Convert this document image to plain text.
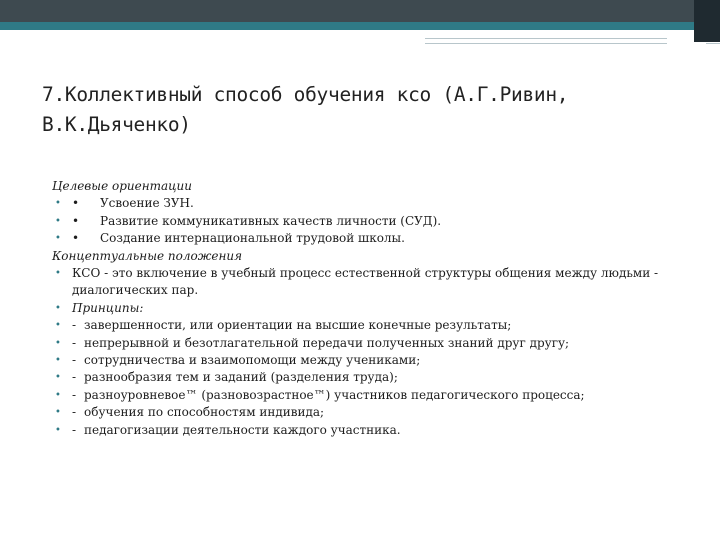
7.Коллективный способ обучения ксо (А.Г.Ривин, В.К.Дьяченко)

Целевые ориентации

• • Усвоение ЗУН.
• • Развитие коммуникативных качеств личности (СУД).
• • Создание интернациональной трудовой школы.

Концептуальные положения

• КСО - это включение в учебный процесс естественной структуры общения между людьми - диалогических пар.
• Принципы:
• - завершенности, или ориентации на высшие конечные результаты;
• - непрерывной и безотлагательной передачи полученных знаний друг другу;
• - сотрудничества и взаимопомощи между учениками;
• - разнообразия тем и заданий (разделения труда);
• - разноуровневое™ (разновозрастное™) участников педагогического процесса;
• - обучения по способностям индивида;
• - педагогизации деятельности каждого участника.
